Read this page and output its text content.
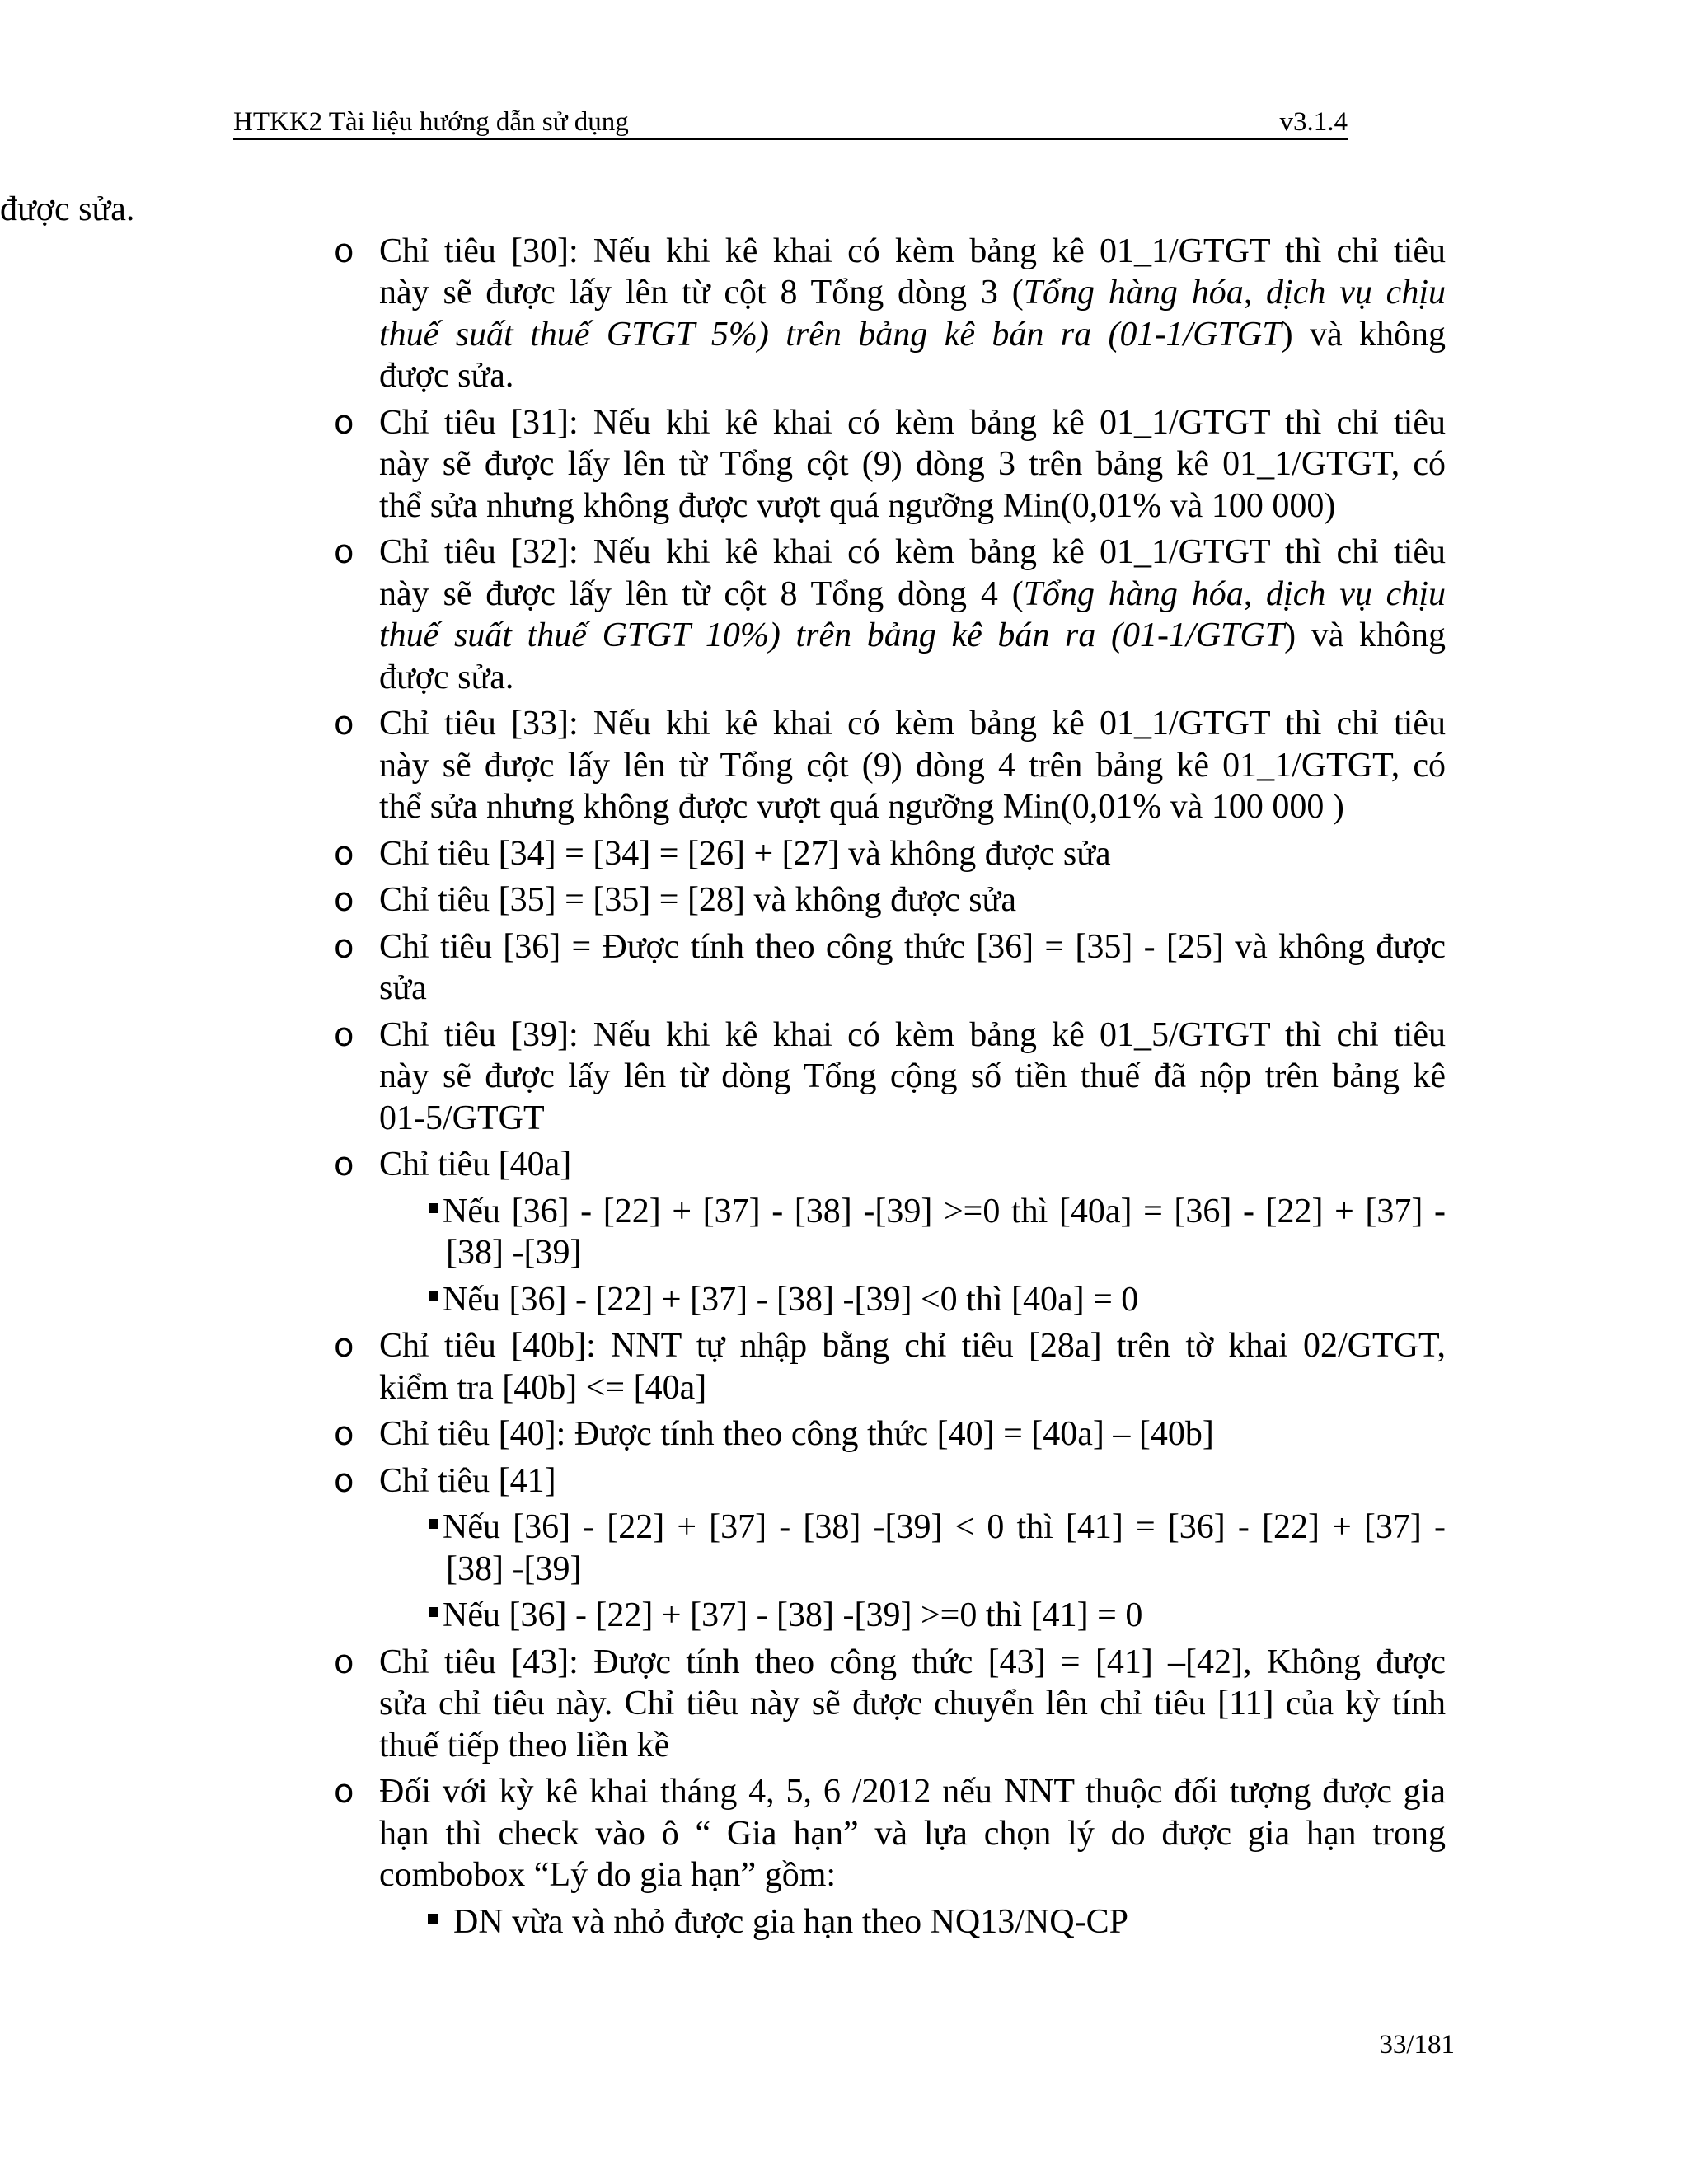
HTKK2 Tài liệu hướng dẫn sử dụng	v3.1.4

được sửa.

o Chỉ tiêu [30]: Nếu khi kê khai có kèm bảng kê 01_1/GTGT thì chỉ tiêu

này sẽ được lấy lên từ cột 8 Tổng dòng 3 (Tổng hàng hóa, dịch vụ chịu

thuế suất thuế GTGT 5%) trên bảng kê bán ra (01-1/GTGT) và không

được sửa.

o Chỉ tiêu [31]: Nếu khi kê khai có kèm bảng kê 01_1/GTGT thì chỉ tiêu

này sẽ được lấy lên từ Tổng cột (9) dòng 3 trên bảng kê 01_1/GTGT, có

thể sửa nhưng không được vượt quá ngưỡng Min(0,01% và 100 000)

o Chỉ tiêu [32]: Nếu khi kê khai có kèm bảng kê 01_1/GTGT thì chỉ tiêu

này sẽ được lấy lên từ cột 8 Tổng dòng 4 (Tổng hàng hóa, dịch vụ chịu

thuế suất thuế GTGT 10%) trên bảng kê bán ra (01-1/GTGT) và không

được sửa.

o Chỉ tiêu [33]: Nếu khi kê khai có kèm bảng kê 01_1/GTGT thì chỉ tiêu

này sẽ được lấy lên từ Tổng cột (9) dòng 4 trên bảng kê 01_1/GTGT, có

thể sửa nhưng không được vượt quá ngưỡng Min(0,01% và 100 000 )

o Chỉ tiêu [34] = [34] = [26] + [27] và không được sửa

o Chỉ tiêu [35] = [35] = [28] và không được sửa

o Chỉ tiêu [36] = Được tính theo công thức [36] = [35] - [25] và không được

sửa

o Chỉ tiêu [39]: Nếu khi kê khai có kèm bảng kê 01_5/GTGT thì chỉ tiêu

này sẽ được lấy lên từ dòng Tổng cộng số tiền thuế đã nộp trên bảng kê

01-5/GTGT

o Chỉ tiêu [40a]

Nếu [36] - [22] + [37] - [38] -[39] >=0 thì [40a] = [36] - [22] + [37] -

[38] -[39]

Nếu [36] - [22] + [37] - [38] -[39] <0 thì [40a] = 0

o Chỉ tiêu [40b]: NNT tự nhập bằng chỉ tiêu [28a] trên tờ khai 02/GTGT,

kiểm tra [40b] <= [40a]

o Chỉ tiêu [40]: Được tính theo công thức [40] = [40a] – [40b]

o Chỉ tiêu [41]

Nếu [36] - [22] + [37] - [38] -[39] < 0 thì [41] = [36] - [22] + [37] -

[38] -[39]

Nếu [36] - [22] + [37] - [38] -[39] >=0 thì [41] = 0

o Chỉ tiêu [43]: Được tính theo công thức [43] = [41] –[42], Không được

sửa chỉ tiêu này. Chỉ tiêu này sẽ được chuyển lên chỉ tiêu [11] của kỳ tính

thuế tiếp theo liền kề

o Đối với kỳ kê khai tháng 4, 5, 6 /2012 nếu NNT thuộc đối tượng được gia

hạn thì check vào ô “ Gia hạn” và lựa chọn lý do được gia hạn trong

combobox “Lý do gia hạn” gồm:

DN vừa và nhỏ được gia hạn theo NQ13/NQ-CP

33/181
